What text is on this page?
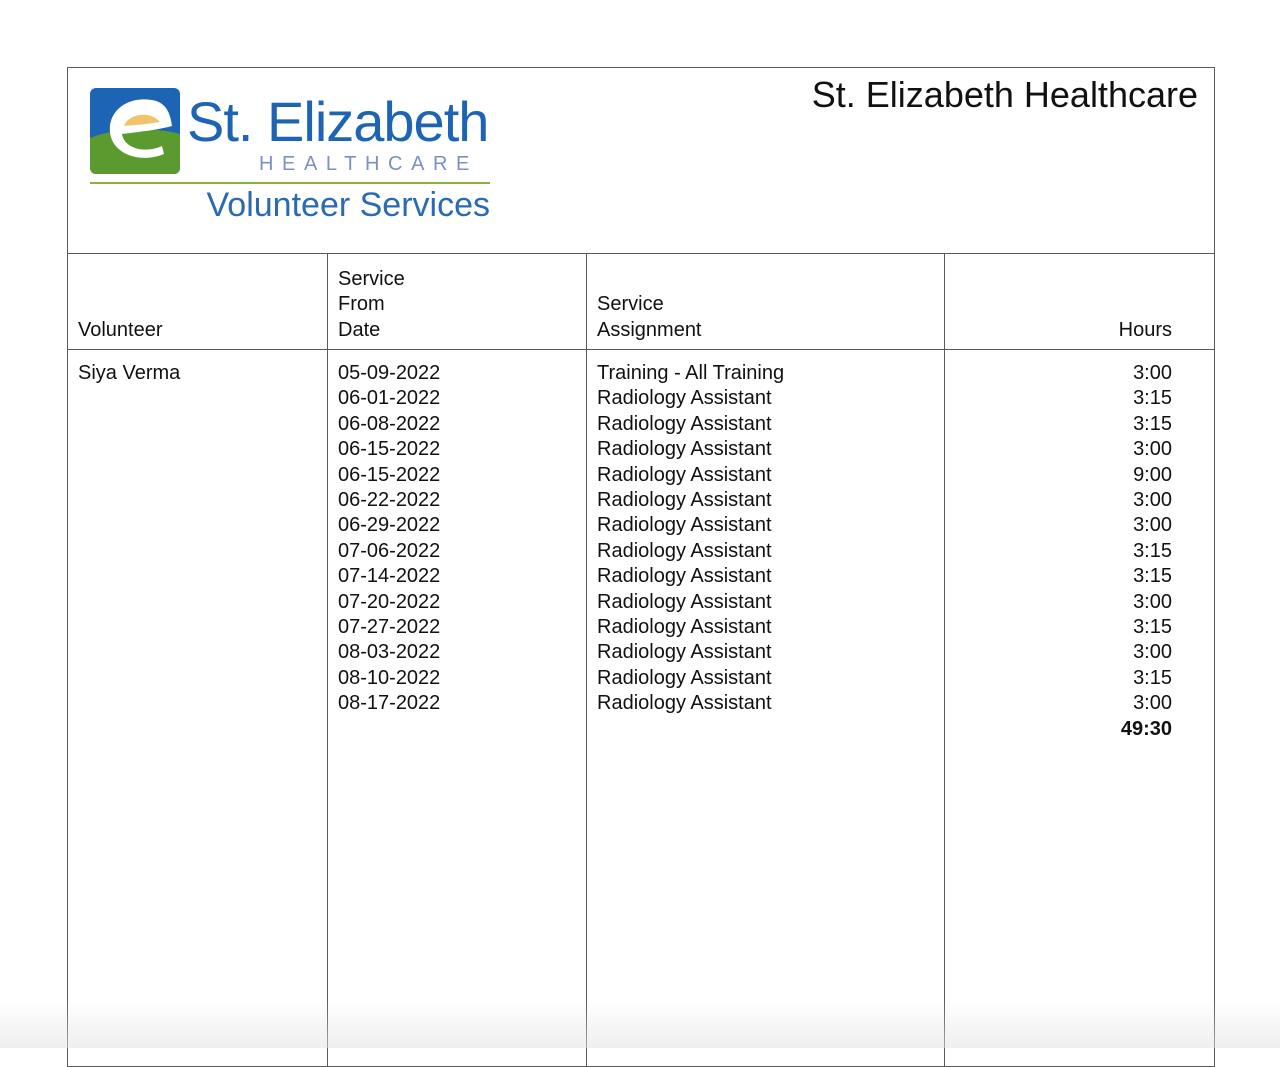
St. Elizabeth
HEALTHCARE
Volunteer Services
St. Elizabeth Healthcare
Volunteer
Service
From
Date
Service
Assignment	Hours
Siya Verma	05-09-2022
06-01-2022
06-08-2022
06-15-2022
06-15-2022
06-22-2022
06-29-2022
07-06-2022
07-14-2022
07-20-2022
07-27-2022
08-03-2022
08-10-2022
08-17-2022
Training - All Training
Radiology Assistant
Radiology Assistant
Radiology Assistant
Radiology Assistant
Radiology Assistant
Radiology Assistant
Radiology Assistant
Radiology Assistant
Radiology Assistant
Radiology Assistant
Radiology Assistant
Radiology Assistant
Radiology Assistant
3:00
3:15
3:15
3:00
9:00
3:00
3:00
3:15
3:15
3:00
3:15
3:00
3:15
3:00
49:30
